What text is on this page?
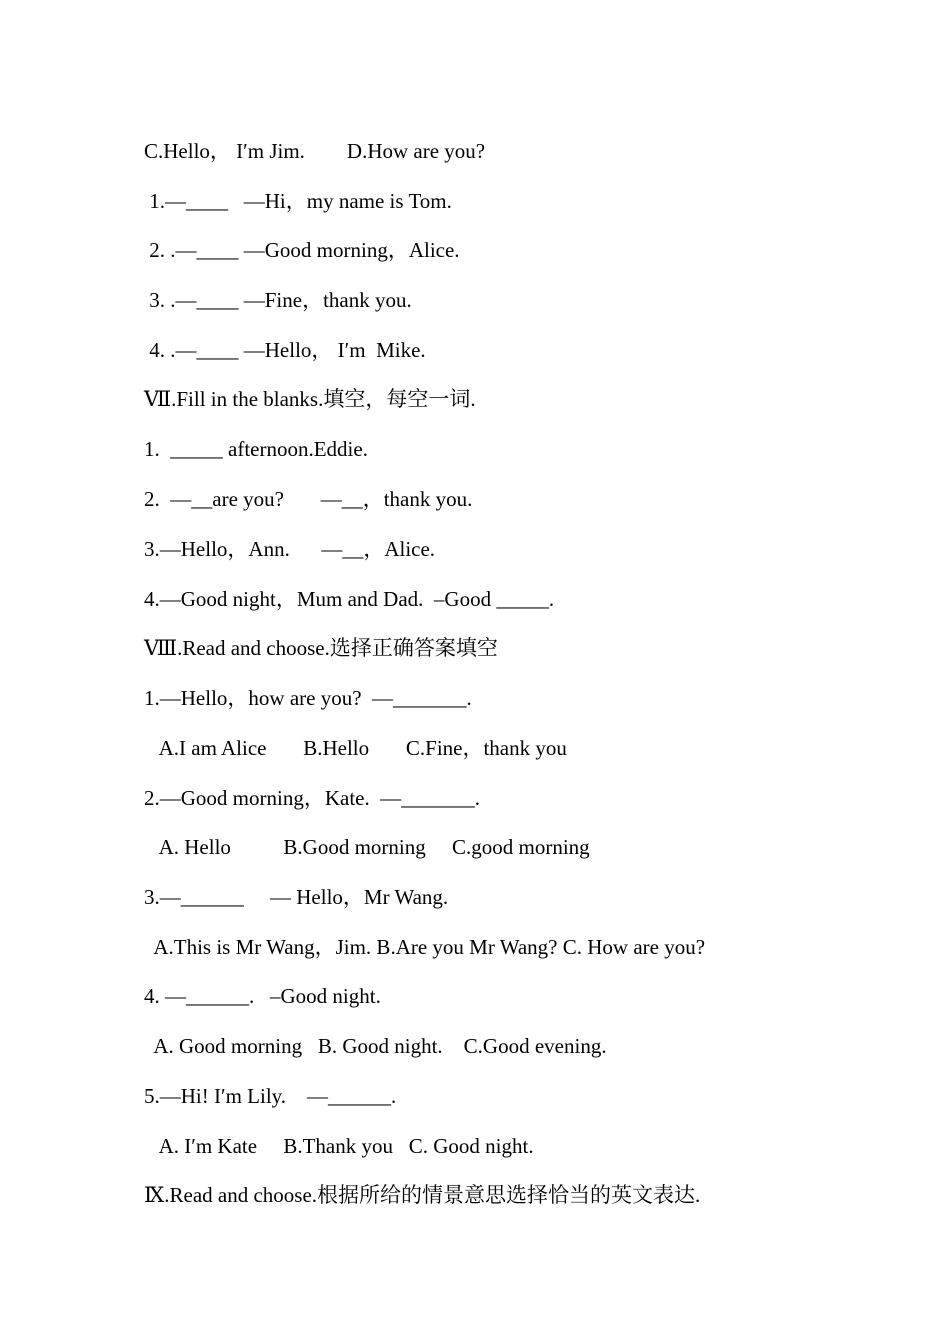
C.Hello， I′m Jim.        D.How are you?
1.—____   —Hi，my name is Tom.
2. .—____ —Good morning，Alice.
3. .—____ —Fine，thank you.
4. .—____ —Hello， I′m  Mike.
Ⅶ.Fill in the blanks.填空，每空一词.
1.  _____ afternoon.Eddie.
2.  —__are you?       —__，thank you.
3.—Hello，Ann.      —__，Alice.
4.—Good night，Mum and Dad.  –Good _____.
Ⅷ.Read and choose.选择正确答案填空
1.—Hello，how are you?  —_______.
A.I am Alice       B.Hello       C.Fine，thank you
2.—Good morning，Kate.  —_______.
A. Hello          B.Good morning     C.good morning
3.—______     — Hello，Mr Wang.
A.This is Mr Wang，Jim. B.Are you Mr Wang? C. How are you?
4. —______.   –Good night.
A. Good morning   B. Good night.    C.Good evening.
5.—Hi! I′m Lily.    —______.
A. I′m Kate     B.Thank you   C. Good night.
Ⅸ.Read and choose.根据所给的情景意思选择恰当的英文表达.
